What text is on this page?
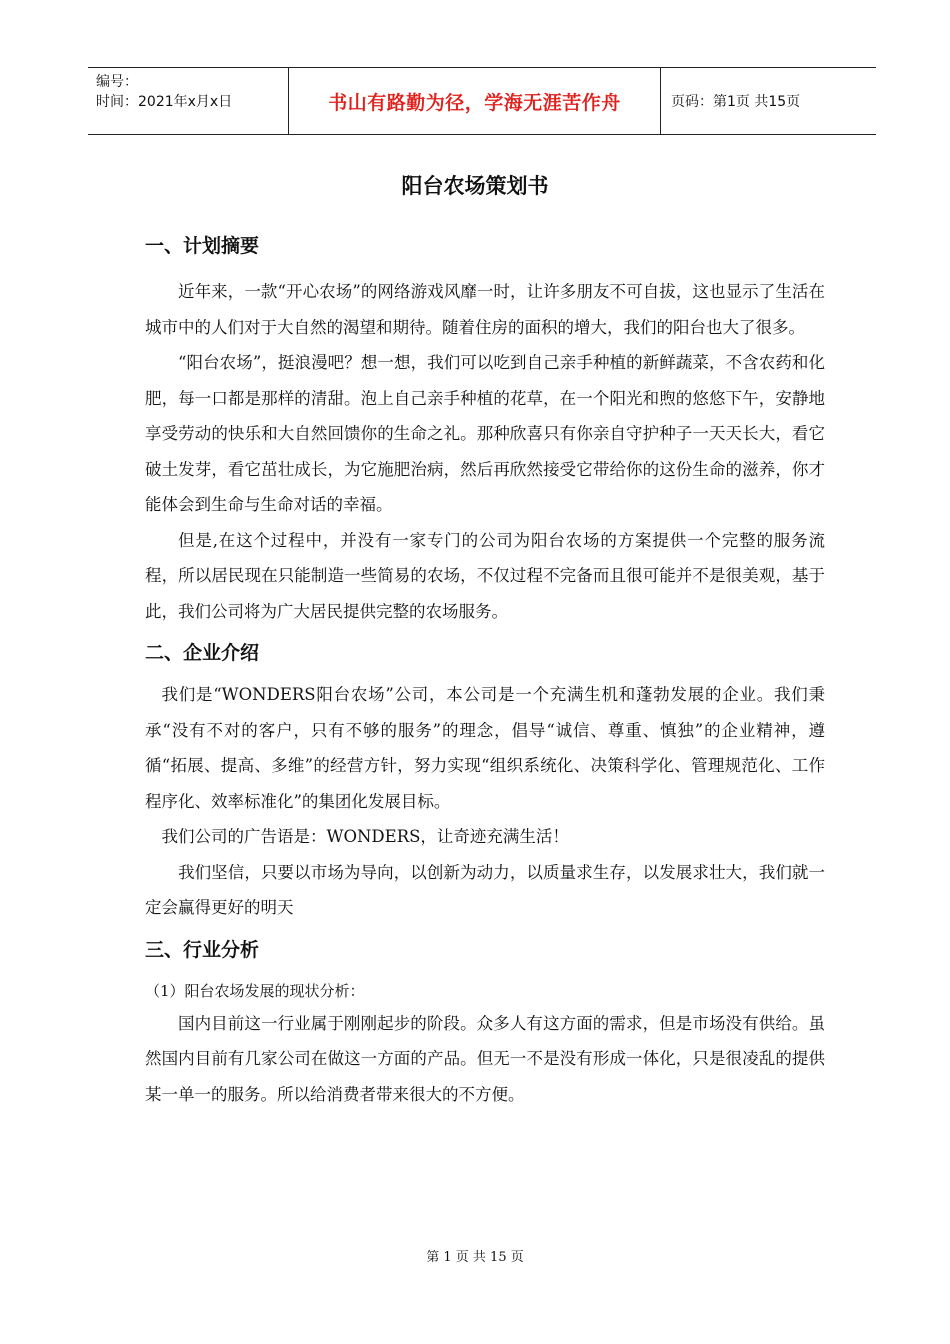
编号：
时间：2021年x月x日	书山有路勤为径，学海无涯苦作舟	页码：第1页 共15页
阳台农场策划书
一、计划摘要

近年来，一款“开心农场”的网络游戏风靡一时，让许多朋友不可自拔，这也显示了生活在城市中的人们对于大自然的渴望和期待。随着住房的面积的增大，我们的阳台也大了很多。

“阳台农场”，挺浪漫吧？想一想，我们可以吃到自己亲手种植的新鲜蔬菜，不含农药和化肥，每一口都是那样的清甜。泡上自己亲手种植的花草，在一个阳光和煦的悠悠下午，安静地享受劳动的快乐和大自然回馈你的生命之礼。那种欣喜只有你亲自守护种子一天天长大，看它破土发芽，看它茁壮成长，为它施肥治病，然后再欣然接受它带给你的这份生命的滋养，你才能体会到生命与生命对话的幸福。

但是,在这个过程中，并没有一家专门的公司为阳台农场的方案提供一个完整的服务流程，所以居民现在只能制造一些简易的农场，不仅过程不完备而且很可能并不是很美观，基于此，我们公司将为广大居民提供完整的农场服务。

二、企业介绍

我们是“WONDERS阳台农场”公司，本公司是一个充满生机和蓬勃发展的企业。我们秉承“没有不对的客户，只有不够的服务”的理念，倡导“诚信、尊重、慎独”的企业精神，遵循“拓展、提高、多维”的经营方针，努力实现“组织系统化、决策科学化、管理规范化、工作程序化、效率标准化”的集团化发展目标。

我们公司的广告语是：WONDERS，让奇迹充满生活！

我们坚信，只要以市场为导向，以创新为动力，以质量求生存，以发展求壮大，我们就一定会赢得更好的明天

三、行业分析

（1）阳台农场发展的现状分析：

国内目前这一行业属于刚刚起步的阶段。众多人有这方面的需求，但是市场没有供给。虽然国内目前有几家公司在做这一方面的产品。但无一不是没有形成一体化，只是很凌乱的提供某一单一的服务。所以给消费者带来很大的不方便。

第 1 页 共 15 页
